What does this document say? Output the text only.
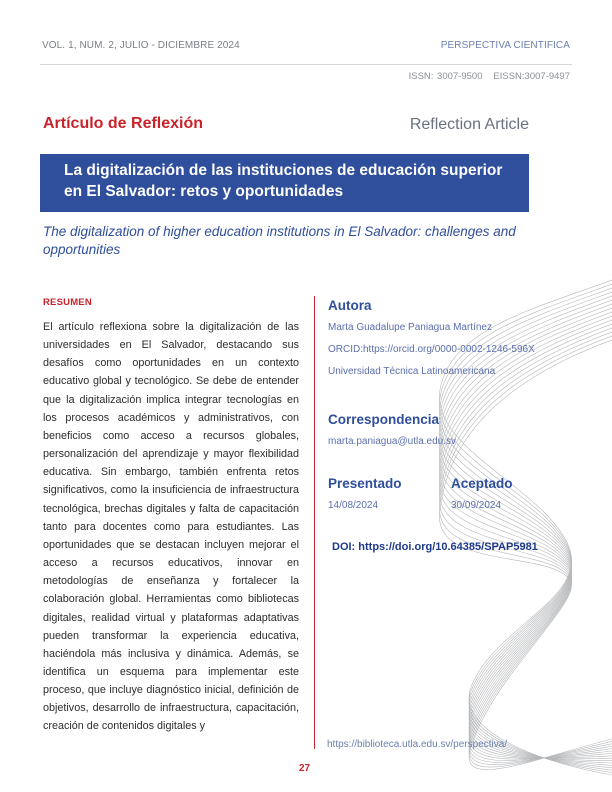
VOL. 1, NUM. 2, JULIO - DICIEMBRE 2024	PERSPECTIVA CIENTIFICA
ISSN: 3007-9500 EISSN:3007-9497
Artículo de Reflexión	Reflection Article
La digitalización de las instituciones de educación superior en El Salvador: retos y oportunidades
The digitalization of higher education institutions in El Salvador: challenges and opportunities
RESUMEN
El artículo reflexiona sobre la digitalización de las universidades en El Salvador, destacando sus desafíos como oportunidades en un contexto educativo global y tecnológico. Se debe de entender que la digitalización implica integrar tecnologías en los procesos académicos y administrativos, con beneficios como acceso a recursos globales, personalización del aprendizaje y mayor flexibilidad educativa. Sin embargo, también enfrenta retos significativos, como la insuficiencia de infraestructura tecnológica, brechas digitales y falta de capacitación tanto para docentes como para estudiantes. Las oportunidades que se destacan incluyen mejorar el acceso a recursos educativos, innovar en metodologías de enseñanza y fortalecer la colaboración global. Herramientas como bibliotecas digitales, realidad virtual y plataformas adaptativas pueden transformar la experiencia educativa, haciéndola más inclusiva y dinámica. Además, se identifica un esquema para implementar este proceso, que incluye diagnóstico inicial, definición de objetivos, desarrollo de infraestructura, capacitación, creación de contenidos digitales y
Autora
Marta Guadalupe Paniagua Martínez
ORCID:https://orcid.org/0000-0002-1246-596X
Universidad Técnica Latinoamericana
Correspondencia
marta.paniagua@utla.edu.sv
Presentado
14/08/2024
Aceptado
30/09/2024
DOI: https://doi.org/10.64385/SPAP5981
https://biblioteca.utla.edu.sv/perspectiva/
27
